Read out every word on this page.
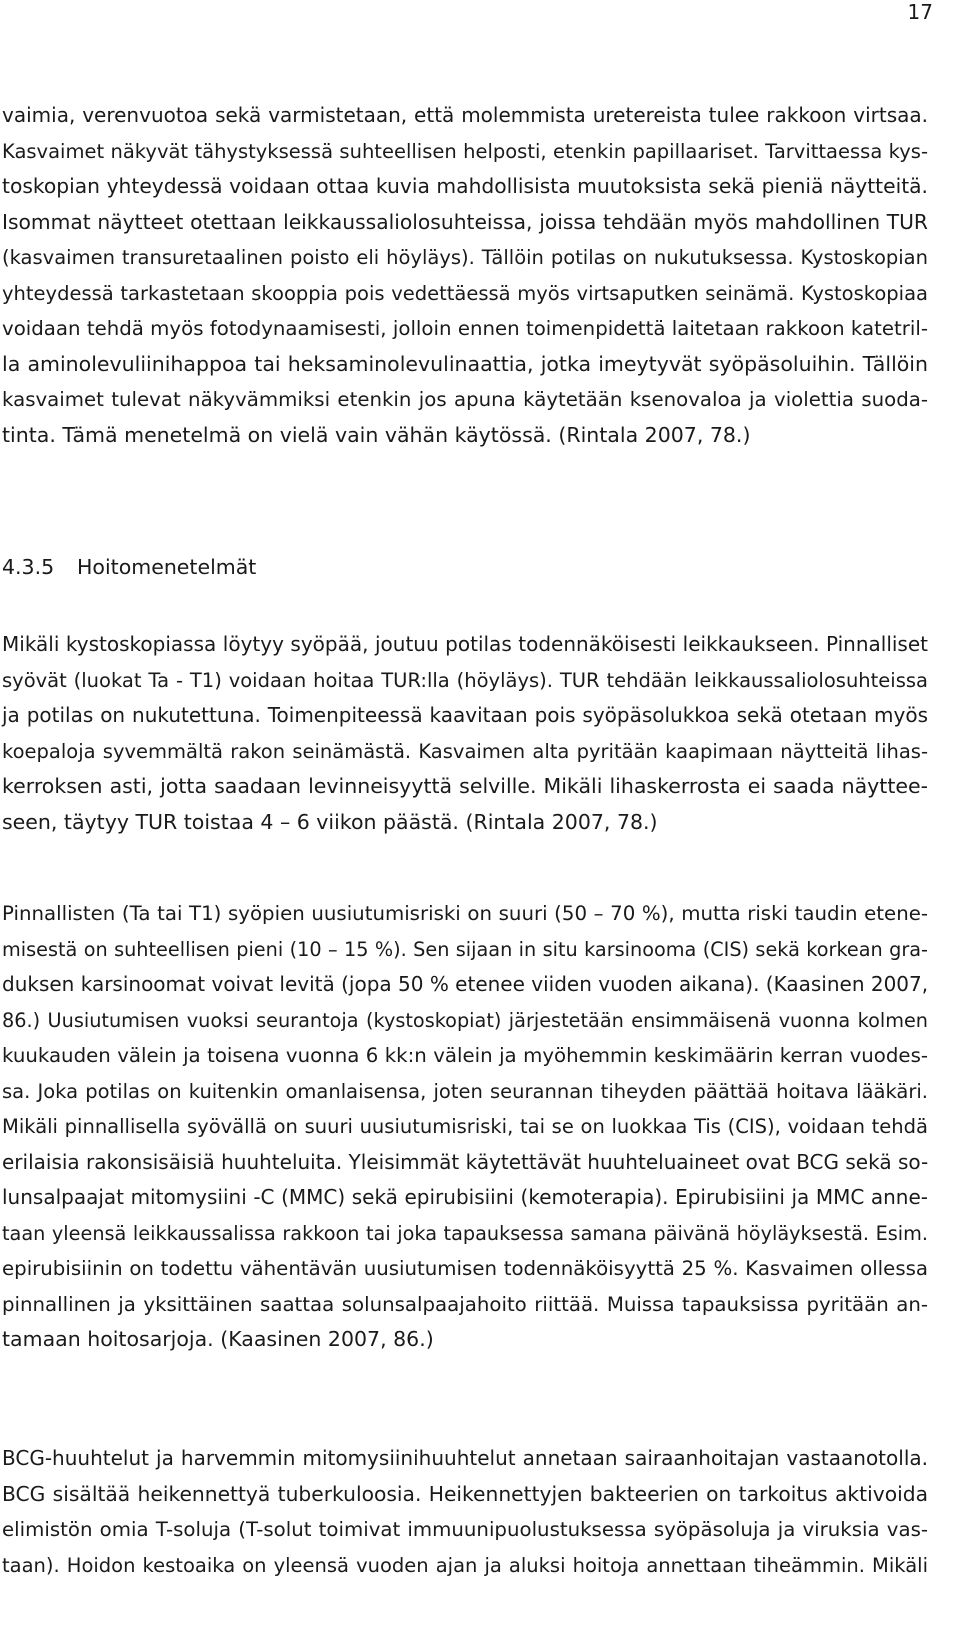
17
vaimia, verenvuotoa sekä varmistetaan, että molemmista uretereista tulee rakkoon virtsaa.
Kasvaimet näkyvät tähystyksessä suhteellisen helposti, etenkin papillaariset. Tarvittaessa kys-
toskopian yhteydessä voidaan ottaa kuvia mahdollisista muutoksista sekä pieniä näytteitä.
Isommat näytteet otettaan leikkaussaliolosuhteissa, joissa tehdään myös mahdollinen TUR
(kasvaimen transuretaalinen poisto eli höyläys). Tällöin potilas on nukutuksessa. Kystoskopian
yhteydessä tarkastetaan skooppia pois vedettäessä myös virtsaputken seinämä. Kystoskopiaa
voidaan tehdä myös fotodynaamisesti, jolloin ennen toimenpidettä laitetaan rakkoon katetril-
la aminolevuliinihappoa tai heksaminolevulinaattia, jotka imeytyvät syöpäsoluihin. Tällöin
kasvaimet tulevat näkyvämmiksi etenkin jos apuna käytetään ksenovaloa ja violettia suoda-
tinta. Tämä menetelmä on vielä vain vähän käytössä. (Rintala 2007, 78.)
4.3.5 Hoitomenetelmät
Mikäli kystoskopiassa löytyy syöpää, joutuu potilas todennäköisesti leikkaukseen. Pinnalliset
syövät (luokat Ta - T1) voidaan hoitaa TUR:lla (höyläys). TUR tehdään leikkaussaliolosuhteissa
ja potilas on nukutettuna. Toimenpiteessä kaavitaan pois syöpäsolukkoa sekä otetaan myös
koepaloja syvemmältä rakon seinämästä. Kasvaimen alta pyritään kaapimaan näytteitä lihas-
kerroksen asti, jotta saadaan levinneisyyttä selville. Mikäli lihaskerrosta ei saada näyttee-
seen, täytyy TUR toistaa 4 – 6 viikon päästä. (Rintala 2007, 78.)
Pinnallisten (Ta tai T1) syöpien uusiutumisriski on suuri (50 – 70 %), mutta riski taudin etene-
misestä on suhteellisen pieni (10 – 15 %). Sen sijaan in situ karsinooma (CIS) sekä korkean gra-
duksen karsinoomat voivat levitä (jopa 50 % etenee viiden vuoden aikana). (Kaasinen 2007,
86.) Uusiutumisen vuoksi seurantoja (kystoskopiat) järjestetään ensimmäisenä vuonna kolmen
kuukauden välein ja toisena vuonna 6 kk:n välein ja myöhemmin keskimäärin kerran vuodes-
sa. Joka potilas on kuitenkin omanlaisensa, joten seurannan tiheyden päättää hoitava lääkäri.
Mikäli pinnallisella syövällä on suuri uusiutumisriski, tai se on luokkaa Tis (CIS), voidaan tehdä
erilaisia rakonsisäisiä huuhteluita. Yleisimmät käytettävät huuhteluaineet ovat BCG sekä so-
lunsalpaajat mitomysiini -C (MMC) sekä epirubisiini (kemoterapia). Epirubisiini ja MMC anne-
taan yleensä leikkaussalissa rakkoon tai joka tapauksessa samana päivänä höyläyksestä. Esim.
epirubisiinin on todettu vähentävän uusiutumisen todennäköisyyttä 25 %. Kasvaimen ollessa
pinnallinen ja yksittäinen saattaa solunsalpaajahoito riittää. Muissa tapauksissa pyritään an-
tamaan hoitosarjoja. (Kaasinen 2007, 86.)
BCG-huuhtelut ja harvemmin mitomysiinihuuhtelut annetaan sairaanhoitajan vastaanotolla.
BCG sisältää heikennettyä tuberkuloosia. Heikennettyjen bakteerien on tarkoitus aktivoida
elimistön omia T-soluja (T-solut toimivat immuunipuolustuksessa syöpäsoluja ja viruksia vas-
taan). Hoidon kestoaika on yleensä vuoden ajan ja aluksi hoitoja annettaan tiheämmin. Mikäli
